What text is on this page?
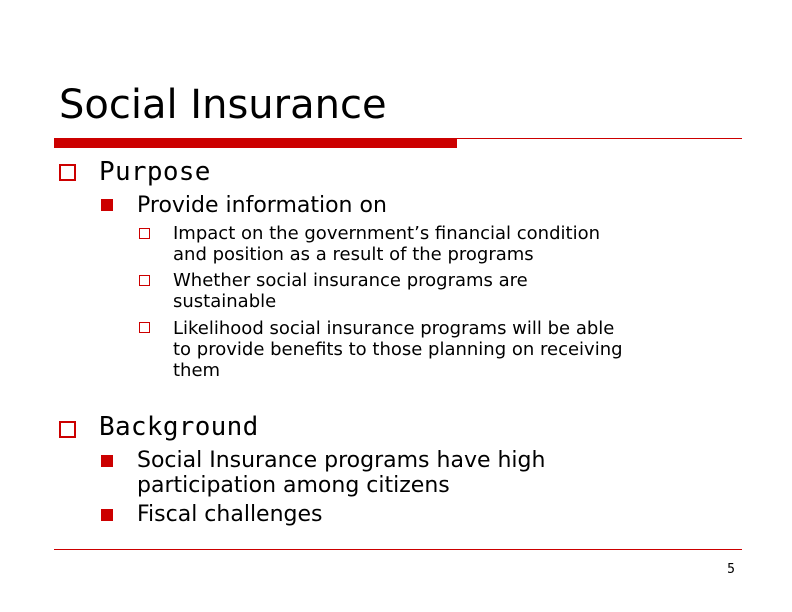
Social Insurance
Purpose
Provide information on
Impact on the government’s financial condition
and position as a result of the programs
Whether social insurance programs are
sustainable
Likelihood social insurance programs will be able
to provide benefits to those planning on receiving
them
Background
Social Insurance programs have high
participation among citizens
Fiscal challenges
5
